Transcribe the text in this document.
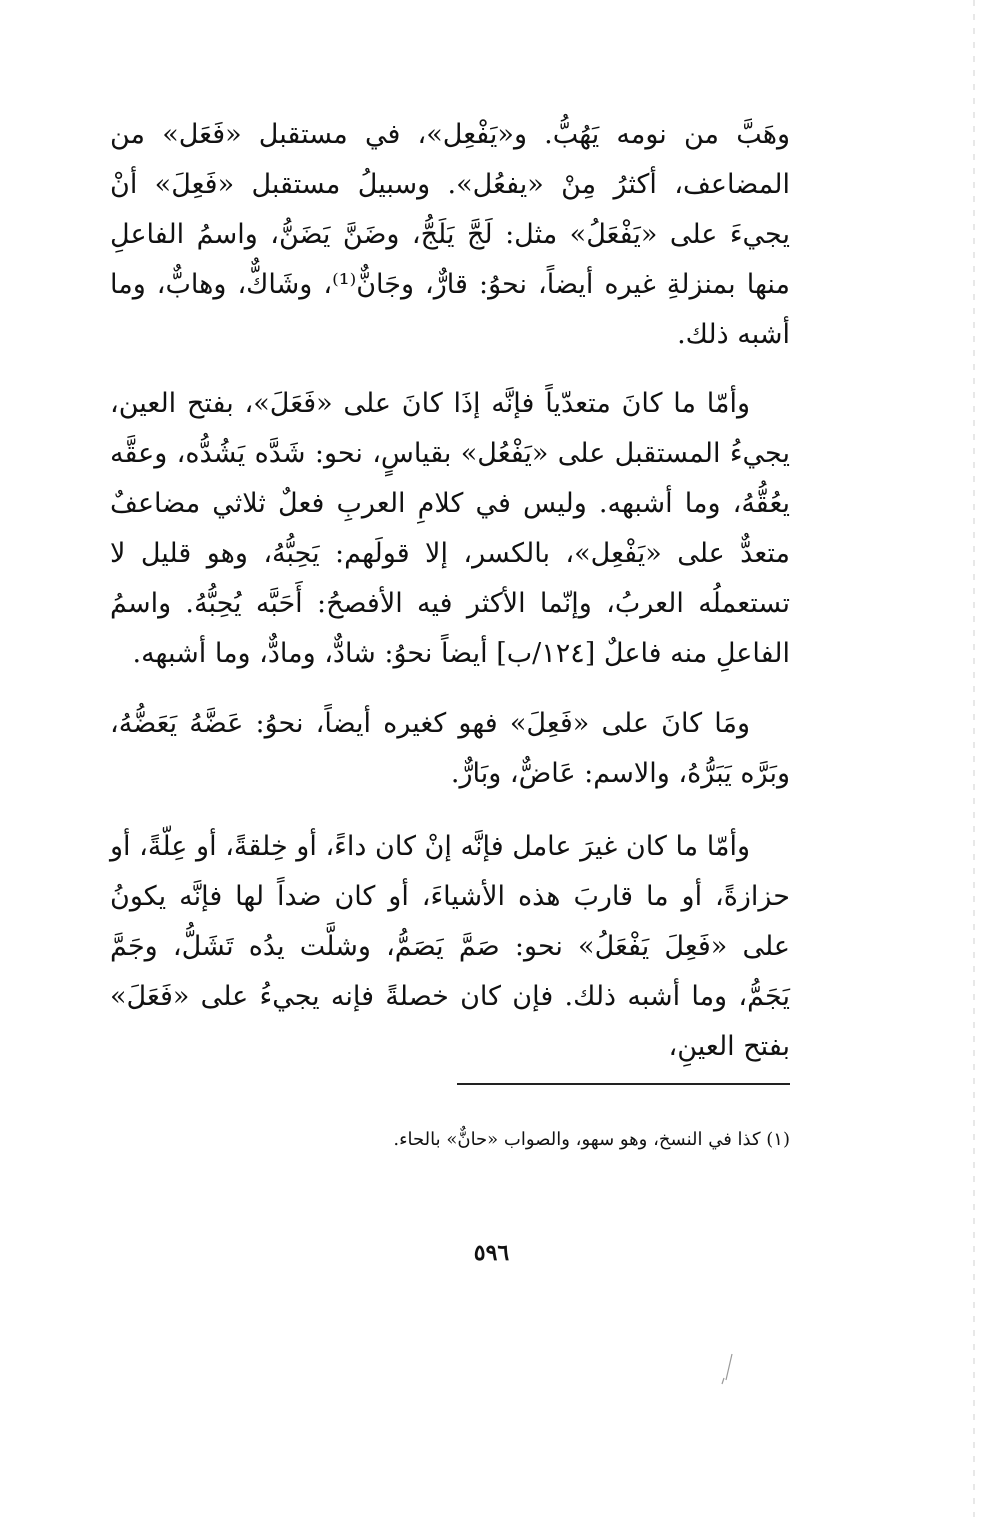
وهَبَّ من نومه يَهُبُّ. و«يَفْعِل»، في مستقبل «فَعَل» من المضاعف، أكثرُ مِنْ «يفعُل». وسبيلُ مستقبل «فَعِلَ» أنْ يجيءَ على «يَفْعَلُ» مثل: لَجَّ يَلَجُّ، وضَنَّ يَضَنُّ، واسمُ الفاعلِ منها بمنزلةِ غيره أيضاً، نحوُ: قارٌّ، وجَانٌّ⁽¹⁾، وشَاكٌّ، وهابٌّ، وما أشبه ذلك.

وأمّا ما كانَ متعدّياً فإنَّه إذَا كانَ على «فَعَلَ»، بفتح العين، يجيءُ المستقبل على «يَفْعُل» بقياسٍ، نحو: شَدَّه يَشُدُّه، وعقَّه يعُقُّهُ، وما أشبهه. وليس في كلامِ العربِ فعلٌ ثلاثي مضاعفٌ متعدٌّ على «يَفْعِل»، بالكسر، إلا قولَهم: يَحِبُّهُ، وهو قليل لا تستعملُه العربُ، وإنّما الأكثر فيه الأفصحُ: أَحَبَّه يُحِبُّهُ. واسمُ الفاعلِ منه فاعلٌ [١٢٤/ب] أيضاً نحوُ: شادٌّ، ومادٌّ، وما أشبهه.

ومَا كانَ على «فَعِلَ» فهو كغيره أيضاً، نحوُ: عَضَّهُ يَعَضُّهُ، وبَرَّه يَبَرُّهُ، والاسم: عَاضٌّ، وبَارٌّ.

وأمّا ما كان غيرَ عامل فإنَّه إنْ كان داءً، أو خِلقةً، أو عِلّةً، أو حزازةً، أو ما قاربَ هذه الأشياءَ، أو كان ضداً لها فإنَّه يكونُ على «فَعِلَ يَفْعَلُ» نحو: صَمَّ يَصَمُّ، وشلَّت يدُه تَشَلُّ، وجَمَّ يَجَمُّ، وما أشبه ذلك. فإن كان خصلةً فإنه يجيءُ على «فَعَلَ» بفتح العينِ،

(١) كذا في النسخ، وهو سهو، والصواب «حانٌّ» بالحاء.
٥٩٦
